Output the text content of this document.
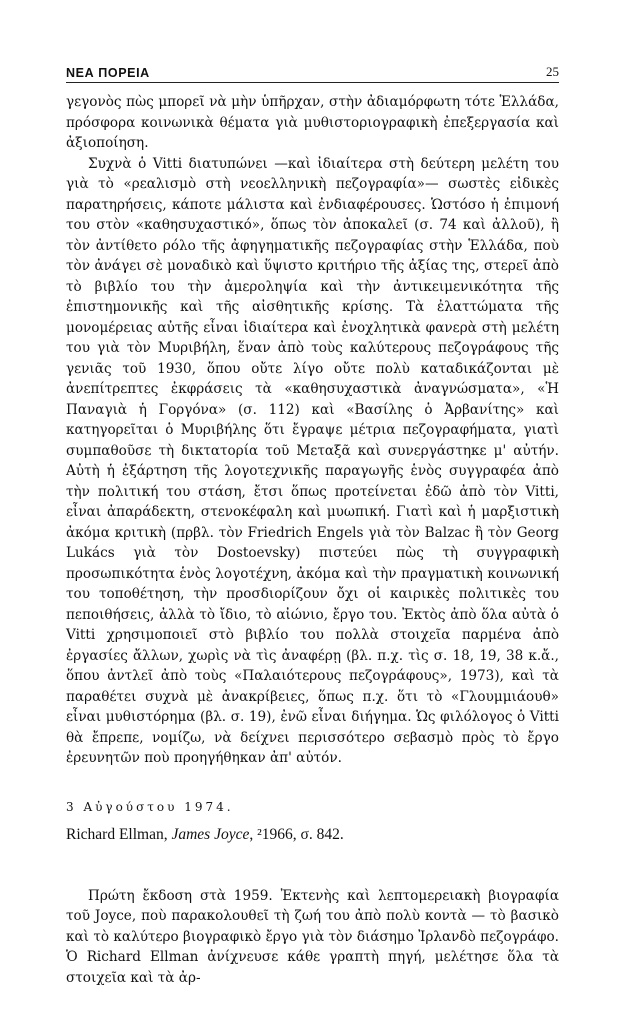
ΝΕΑ ΠΟΡΕΙΑ	25

γεγονὸς πὼς μπορεῖ νὰ μὴν ὑπῆρχαν, στὴν ἀδιαμόρφωτη τότε Ἑλλάδα, πρόσφορα κοινωνικὰ θέματα γιὰ μυθιστοριογραφικὴ ἐπεξεργασία καὶ ἀξιοποίηση.

Συχνὰ ὁ Vitti διατυπώνει —καὶ ἰδιαίτερα στὴ δεύτερη μελέτη του γιὰ τὸ «ρεαλισμὸ στὴ νεοελληνικὴ πεζογραφία»— σωστὲς εἰδικὲς παρατηρήσεις, κάποτε μάλιστα καὶ ἐνδιαφέρουσες. Ὡστόσο ἡ ἐπιμονή του στὸν «καθησυχαστικό», ὅπως τὸν ἀποκαλεῖ (σ. 74 καὶ ἀλλοῦ), ἢ τὸν ἀντίθετο ρόλο τῆς ἀφηγηματικῆς πεζογραφίας στὴν Ἑλλάδα, ποὺ τὸν ἀνάγει σὲ μοναδικὸ καὶ ὕψιστο κριτήριο τῆς ἀξίας της, στερεῖ ἀπὸ τὸ βιβλίο του τὴν ἀμεροληψία καὶ τὴν ἀντικειμενικότητα τῆς ἐπιστημονικῆς καὶ τῆς αἰσθητικῆς κρίσης. Τὰ ἐλαττώματα τῆς μονομέρειας αὐτῆς εἶναι ἰδιαίτερα καὶ ἐνοχλητικὰ φανερὰ στὴ μελέτη του γιὰ τὸν Μυριβήλη, ἕναν ἀπὸ τοὺς καλύτερους πεζογράφους τῆς γενιᾶς τοῦ 1930, ὅπου οὔτε λίγο οὔτε πολὺ καταδικάζονται μὲ ἀνεπίτρεπτες ἐκφράσεις τὰ «καθησυχαστικὰ ἀναγνώσματα», «Ἡ Παναγιὰ ἡ Γοργόνα» (σ. 112) καὶ «Βασίλης ὁ Ἀρβανίτης» καὶ κατηγορεῖται ὁ Μυριβήλης ὅτι ἔγραψε μέτρια πεζογραφήματα, γιατὶ συμπαθοῦσε τὴ δικτατορία τοῦ Μεταξᾶ καὶ συνεργάστηκε μ' αὐτήν. Αὐτὴ ἡ ἐξάρτηση τῆς λογοτεχνικῆς παραγωγῆς ἑνὸς συγγραφέα ἀπὸ τὴν πολιτική του στάση, ἔτσι ὅπως προτείνεται ἐδῶ ἀπὸ τὸν Vitti, εἶναι ἀπαράδεκτη, στενοκέφαλη καὶ μυωπική. Γιατὶ καὶ ἡ μαρξιστικὴ ἀκόμα κριτικὴ (πρβλ. τὸν Friedrich Engels γιὰ τὸν Balzac ἢ τὸν Georg Lukács γιὰ τὸν Dostoevsky) πιστεύει πὼς τὴ συγγραφικὴ προσωπικότητα ἑνὸς λογοτέχνη, ἀκόμα καὶ τὴν πραγματικὴ κοινωνική του τοποθέτηση, τὴν προσδιορίζουν ὄχι οἱ καιρικὲς πολιτικὲς του πεποιθήσεις, ἀλλὰ τὸ ἴδιο, τὸ αἰώνιο, ἔργο του. Ἐκτὸς ἀπὸ ὅλα αὐτὰ ὁ Vitti χρησιμοποιεῖ στὸ βιβλίο του πολλὰ στοιχεῖα παρμένα ἀπὸ ἐργασίες ἄλλων, χωρὶς νὰ τὶς ἀναφέρῃ (βλ. π.χ. τὶς σ. 18, 19, 38 κ.ἄ., ὅπου ἀντλεῖ ἀπὸ τοὺς «Παλαιότερους πεζογράφους», 1973), καὶ τὰ παραθέτει συχνὰ μὲ ἀνακρίβειες, ὅπως π.χ. ὅτι τὸ «Γλουμμιάουθ» εἶναι μυθιστόρημα (βλ. σ. 19), ἐνῶ εἶναι διήγημα. Ὡς φιλόλογος ὁ Vitti θὰ ἔπρεπε, νομίζω, νὰ δείχνει περισσότερο σεβασμὸ πρὸς τὸ ἔργο ἐρευνητῶν ποὺ προηγήθηκαν ἀπ' αὐτόν.

3 Αὐγούστου 1974.
Richard Ellman, James Joyce, ²1966, σ. 842.

Πρώτη ἔκδοση στὰ 1959. Ἐκτενὴς καὶ λεπτομερειακὴ βιογραφία τοῦ Joyce, ποὺ παρακολουθεῖ τὴ ζωή του ἀπὸ πολὺ κοντὰ — τὸ βασικὸ καὶ τὸ καλύτερο βιογραφικὸ ἔργο γιὰ τὸν διάσημο Ἰρλανδὸ πεζογράφο. Ὁ Richard Ellman ἀνίχνευσε κάθε γραπτὴ πηγή, μελέτησε ὅλα τὰ στοιχεῖα καὶ τὰ ἀρ-
